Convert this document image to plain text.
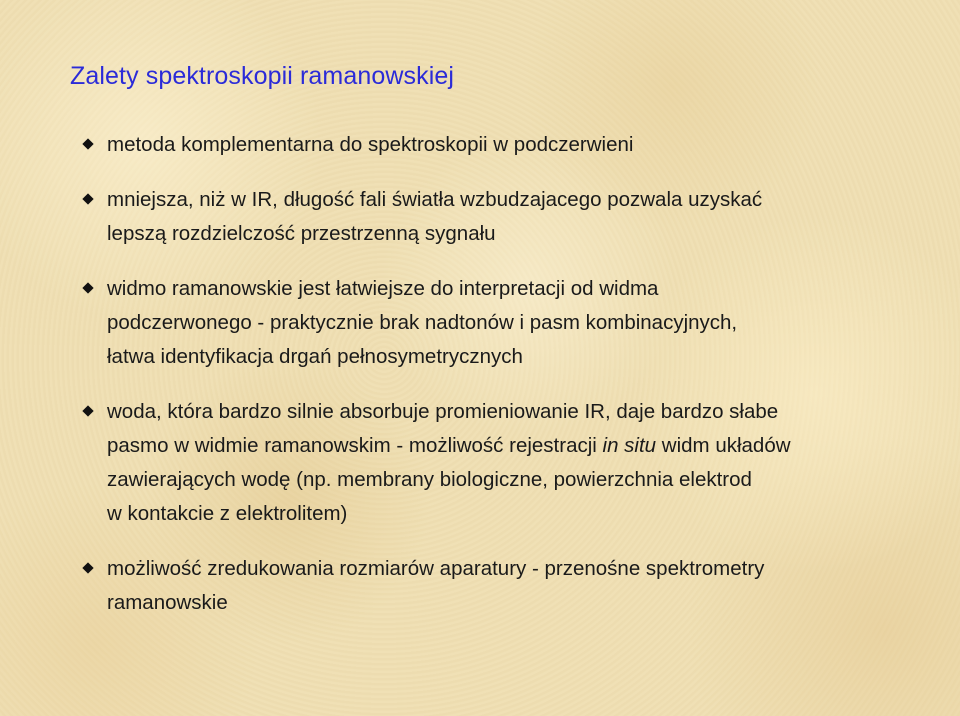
Zalety spektroskopii ramanowskiej
metoda komplementarna do spektroskopii w podczerwieni
mniejsza, niż w IR, długość fali światła wzbudzajacego pozwala uzyskać
lepszą rozdzielczość przestrzenną sygnału
widmo ramanowskie jest łatwiejsze do interpretacji od widma
podczerwonego - praktycznie brak nadtonów i pasm kombinacyjnych,
łatwa identyfikacja drgań pełnosymetrycznych
woda, która bardzo silnie absorbuje promieniowanie IR, daje bardzo słabe
pasmo w widmie ramanowskim - możliwość rejestracji in situ widm układów
zawierających wodę (np. membrany biologiczne, powierzchnia elektrod
w kontakcie z elektrolitem)
możliwość zredukowania rozmiarów aparatury - przenośne spektrometry
ramanowskie
